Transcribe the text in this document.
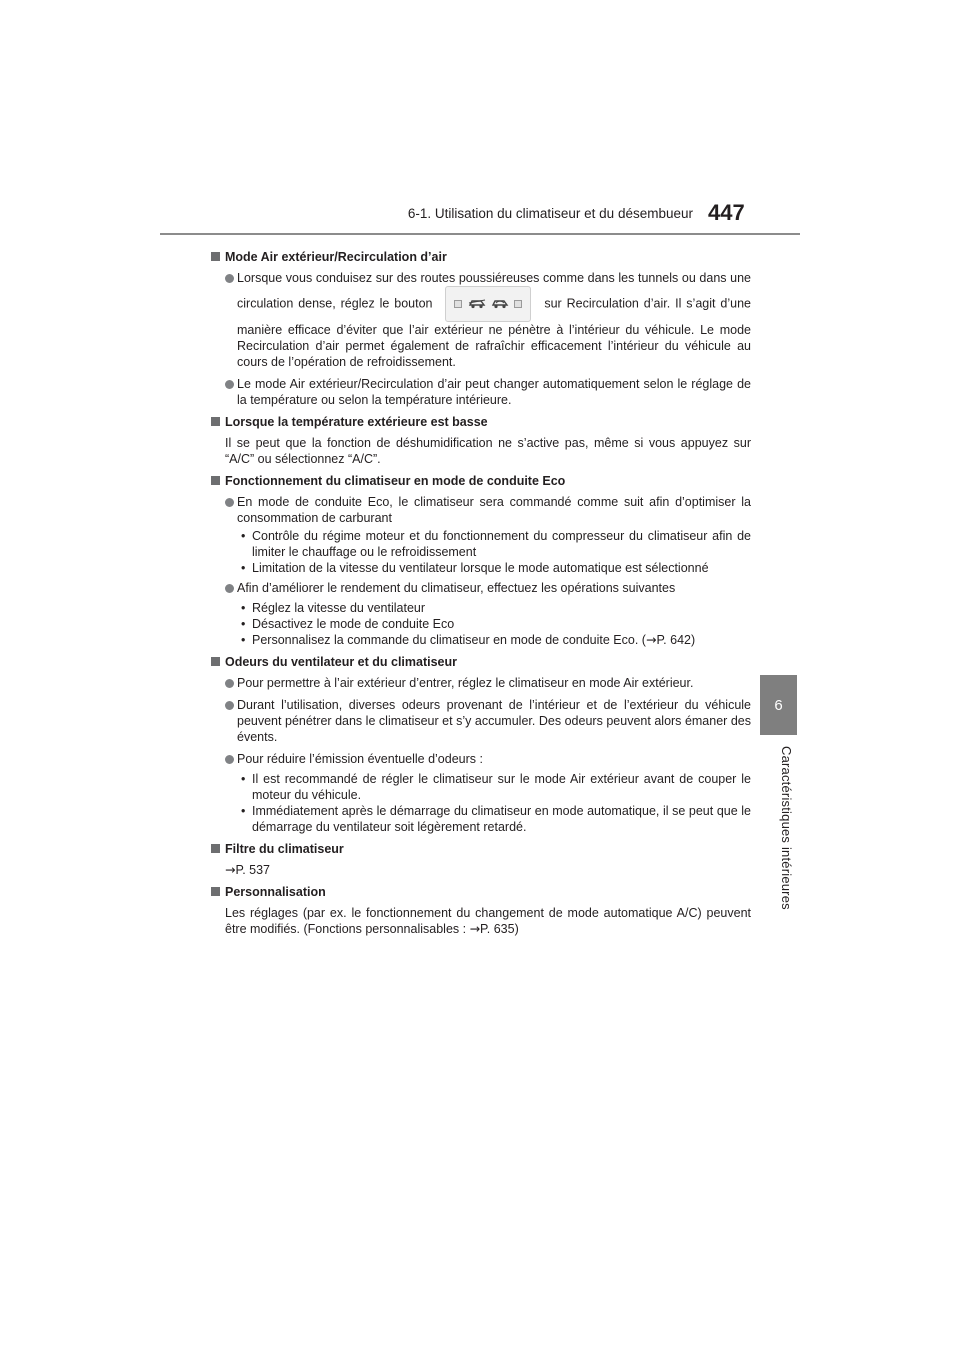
6-1. Utilisation du climatiseur et du désembueur 447
6
Caractéristiques intérieures
Mode Air extérieur/Recirculation d’air
Lorsque vous conduisez sur des routes poussiéreuses comme dans les tunnels ou dans une circulation dense, réglez le bouton	sur Recirculation d’air. Il s’agit d’une manière efficace d’éviter que l’air extérieur ne pénètre à l’intérieur du véhicule. Le mode Recirculation d’air permet également de rafraîchir efficacement l’intérieur du véhicule au cours de l’opération de refroidissement.
Le mode Air extérieur/Recirculation d’air peut changer automatiquement selon le réglage de la température ou selon la température intérieure.
Lorsque la température extérieure est basse
Il se peut que la fonction de déshumidification ne s’active pas, même si vous appuyez sur “A/C” ou sélectionnez “A/C”.
Fonctionnement du climatiseur en mode de conduite Eco
En mode de conduite Eco, le climatiseur sera commandé comme suit afin d’optimiser la consommation de carburant
• Contrôle du régime moteur et du fonctionnement du compresseur du climatiseur afin de limiter le chauffage ou le refroidissement
• Limitation de la vitesse du ventilateur lorsque le mode automatique est sélectionné
Afin d’améliorer le rendement du climatiseur, effectuez les opérations suivantes
• Réglez la vitesse du ventilateur
• Désactivez le mode de conduite Eco
• Personnalisez la commande du climatiseur en mode de conduite Eco. (→P. 642)
Odeurs du ventilateur et du climatiseur
Pour permettre à l’air extérieur d’entrer, réglez le climatiseur en mode Air extérieur.
Durant l’utilisation, diverses odeurs provenant de l’intérieur et de l’extérieur du véhicule peuvent pénétrer dans le climatiseur et s’y accumuler. Des odeurs peuvent alors émaner des évents.
Pour réduire l’émission éventuelle d’odeurs :
• Il est recommandé de régler le climatiseur sur le mode Air extérieur avant de couper le moteur du véhicule.
• Immédiatement après le démarrage du climatiseur en mode automatique, il se peut que le démarrage du ventilateur soit légèrement retardé.
Filtre du climatiseur
→P. 537
Personnalisation
Les réglages (par ex. le fonctionnement du changement de mode automatique A/C) peuvent être modifiés. (Fonctions personnalisables : →P. 635)
